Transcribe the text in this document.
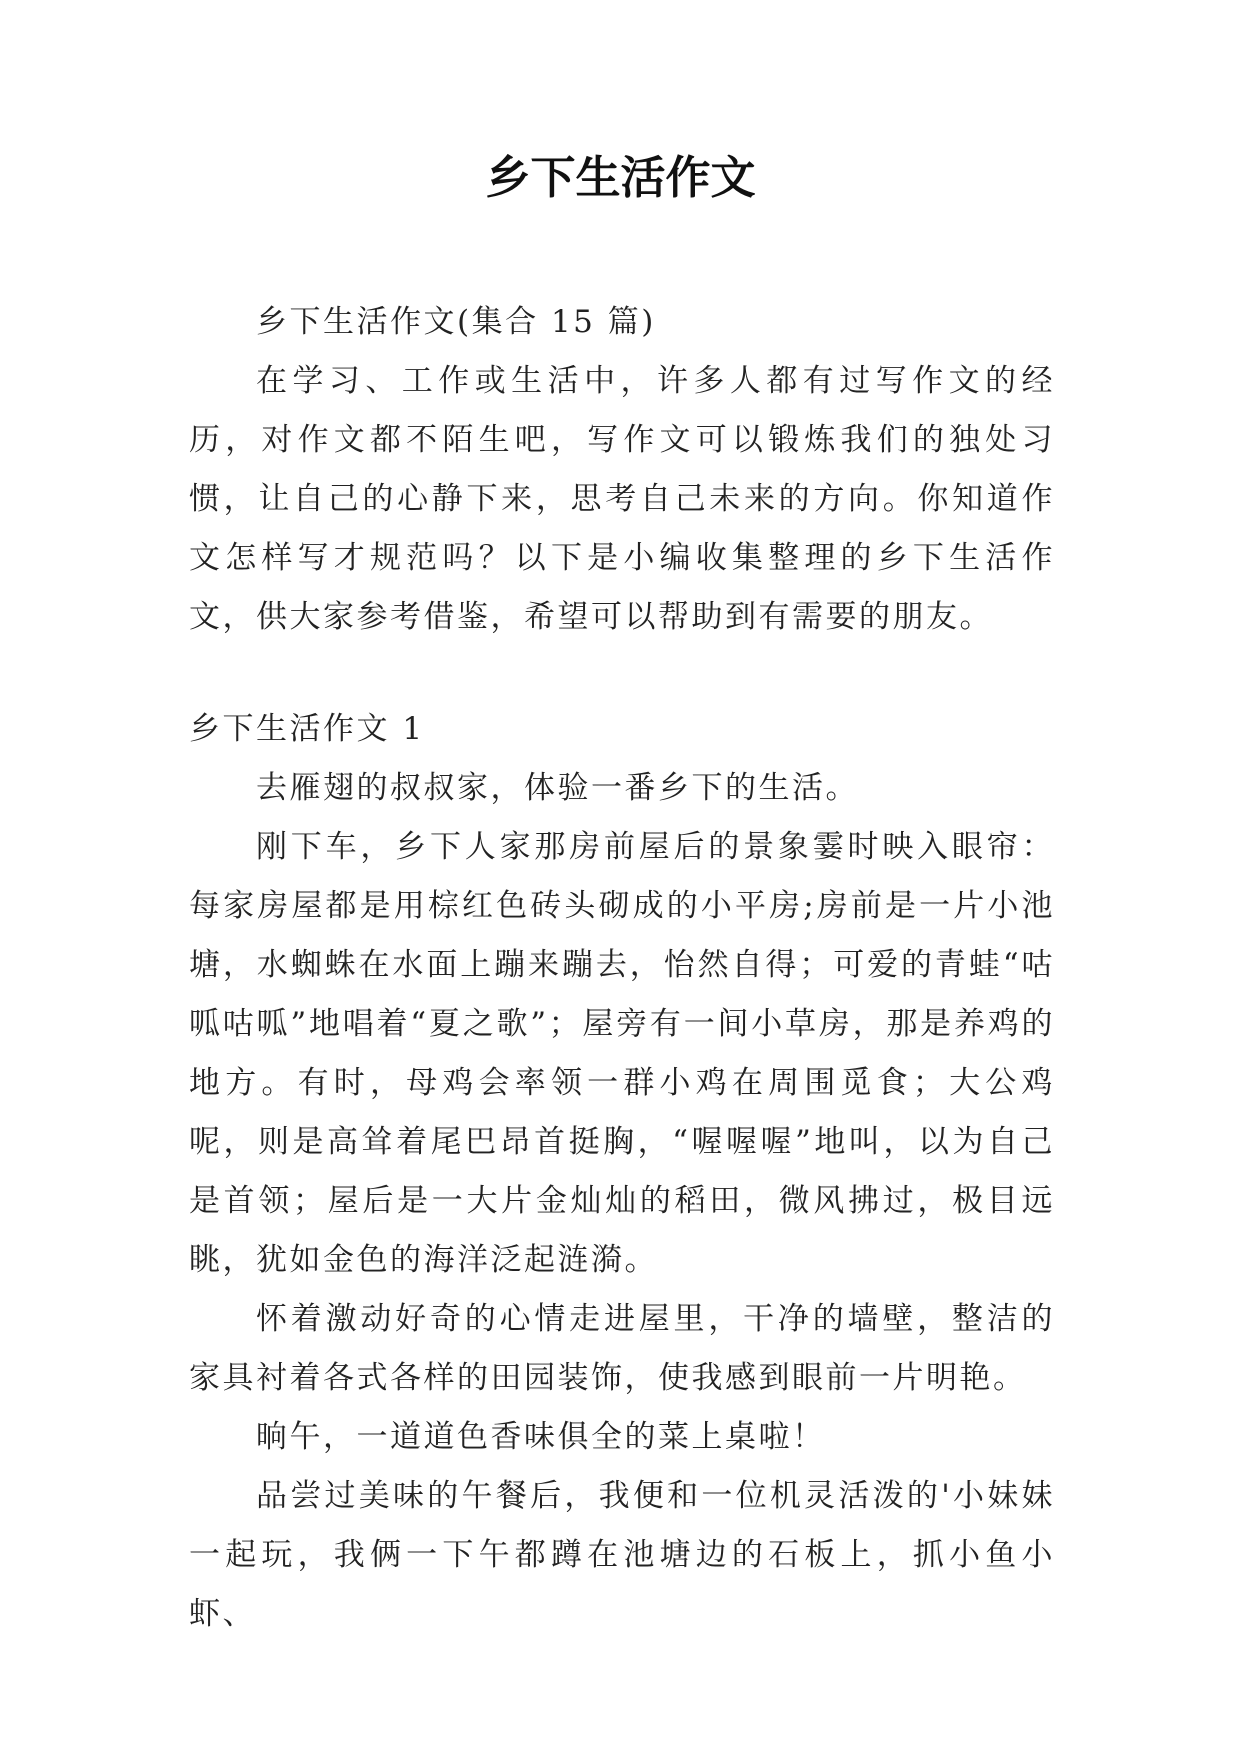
乡下生活作文

乡下生活作文(集合 15 篇)

在学习、工作或生活中，许多人都有过写作文的经历，对作文都不陌生吧，写作文可以锻炼我们的独处习惯，让自己的心静下来，思考自己未来的方向。你知道作文怎样写才规范吗？以下是小编收集整理的乡下生活作文，供大家参考借鉴，希望可以帮助到有需要的朋友。

乡下生活作文 1

去雁翅的叔叔家，体验一番乡下的生活。

刚下车，乡下人家那房前屋后的景象霎时映入眼帘：每家房屋都是用棕红色砖头砌成的小平房;房前是一片小池塘，水蜘蛛在水面上蹦来蹦去，怡然自得；可爱的青蛙“咕呱咕呱”地唱着“夏之歌”；屋旁有一间小草房，那是养鸡的地方。有时，母鸡会率领一群小鸡在周围觅食；大公鸡呢，则是高耸着尾巴昂首挺胸，“喔喔喔”地叫，以为自己是首领；屋后是一大片金灿灿的稻田，微风拂过，极目远眺，犹如金色的海洋泛起涟漪。

怀着激动好奇的心情走进屋里，干净的墙壁，整洁的家具衬着各式各样的田园装饰，使我感到眼前一片明艳。

晌午，一道道色香味俱全的菜上桌啦！

品尝过美味的午餐后，我便和一位机灵活泼的'小妹妹一起玩，我俩一下午都蹲在池塘边的石板上，抓小鱼小虾、
